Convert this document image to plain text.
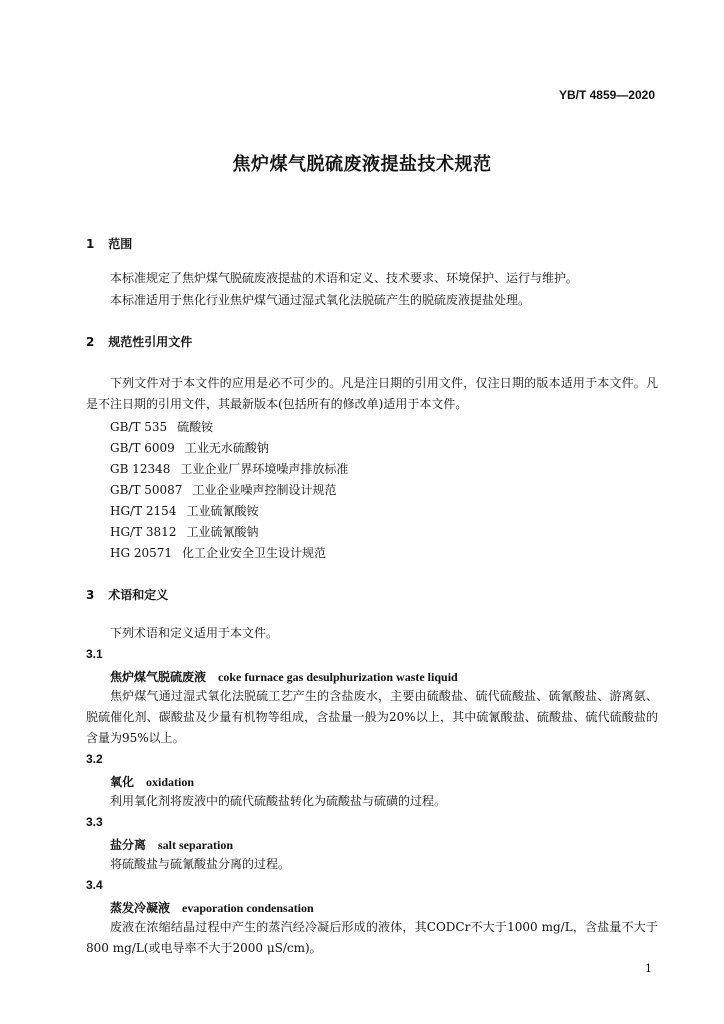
YB/T 4859—2020
焦炉煤气脱硫废液提盐技术规范
1 范围
本标准规定了焦炉煤气脱硫废液提盐的术语和定义、技术要求、环境保护、运行与维护。
本标准适用于焦化行业焦炉煤气通过湿式氧化法脱硫产生的脱硫废液提盐处理。
2 规范性引用文件
下列文件对于本文件的应用是必不可少的。凡是注日期的引用文件，仅注日期的版本适用于本文件。凡是不注日期的引用文件，其最新版本(包括所有的修改单)适用于本文件。
GB/T 535 硫酸铵
GB/T 6009 工业无水硫酸钠
GB 12348 工业企业厂界环境噪声排放标准
GB/T 50087 工业企业噪声控制设计规范
HG/T 2154 工业硫氰酸铵
HG/T 3812 工业硫氰酸钠
HG 20571 化工企业安全卫生设计规范
3 术语和定义
下列术语和定义适用于本文件。
3.1
焦炉煤气脱硫废液 coke furnace gas desulphurization waste liquid
焦炉煤气通过湿式氧化法脱硫工艺产生的含盐废水，主要由硫酸盐、硫代硫酸盐、硫氰酸盐、游离氨、脱硫催化剂、碳酸盐及少量有机物等组成，含盐量一般为20%以上，其中硫氰酸盐、硫酸盐、硫代硫酸盐的含量为95%以上。
3.2
氧化 oxidation
利用氧化剂将废液中的硫代硫酸盐转化为硫酸盐与硫磺的过程。
3.3
盐分离 salt separation
将硫酸盐与硫氰酸盐分离的过程。
3.4
蒸发冷凝液 evaporation condensation
废液在浓缩结晶过程中产生的蒸汽经冷凝后形成的液体，其CODCr不大于1000 mg/L，含盐量不大于800 mg/L(或电导率不大于2000 μS/cm)。
1
